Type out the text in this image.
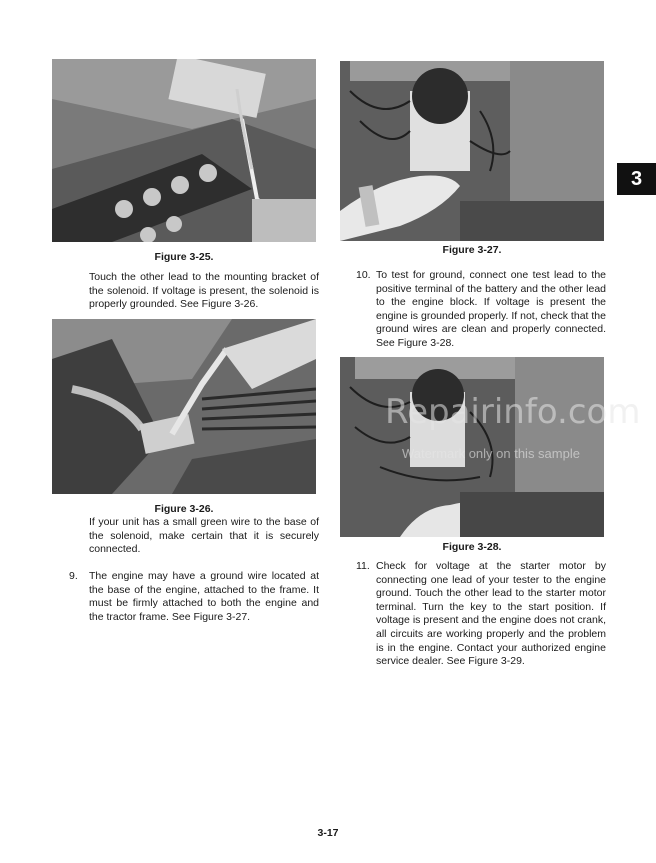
Figure 3-25.

Touch the other lead to the mounting bracket of the solenoid. If voltage is present, the solenoid is properly grounded. See Figure 3-26.

Figure 3-26.

If your unit has a small green wire to the base of the solenoid, make certain that it is securely connected.

9. The engine may have a ground wire located at the base of the engine, attached to the frame. It must be firmly attached to both the engine and the tractor frame. See Figure 3-27.

Figure 3-27.
10. To test for ground, connect one test lead to the positive terminal of the battery and the other lead to the engine block. If voltage is present the engine is grounded properly. If not, check that the ground wires are clean and properly connected. See Figure 3-28.

Figure 3-28.
11. Check for voltage at the starter motor by connecting one lead of your tester to the engine ground. Touch the other lead to the starter motor terminal. Turn the key to the start position. If voltage is present and the engine does not crank, all circuits are working properly and the problem is in the engine. Contact your authorized engine service dealer. See Figure 3-29.

Repairinfo.com
Watermark only on this sample
3
3-17
